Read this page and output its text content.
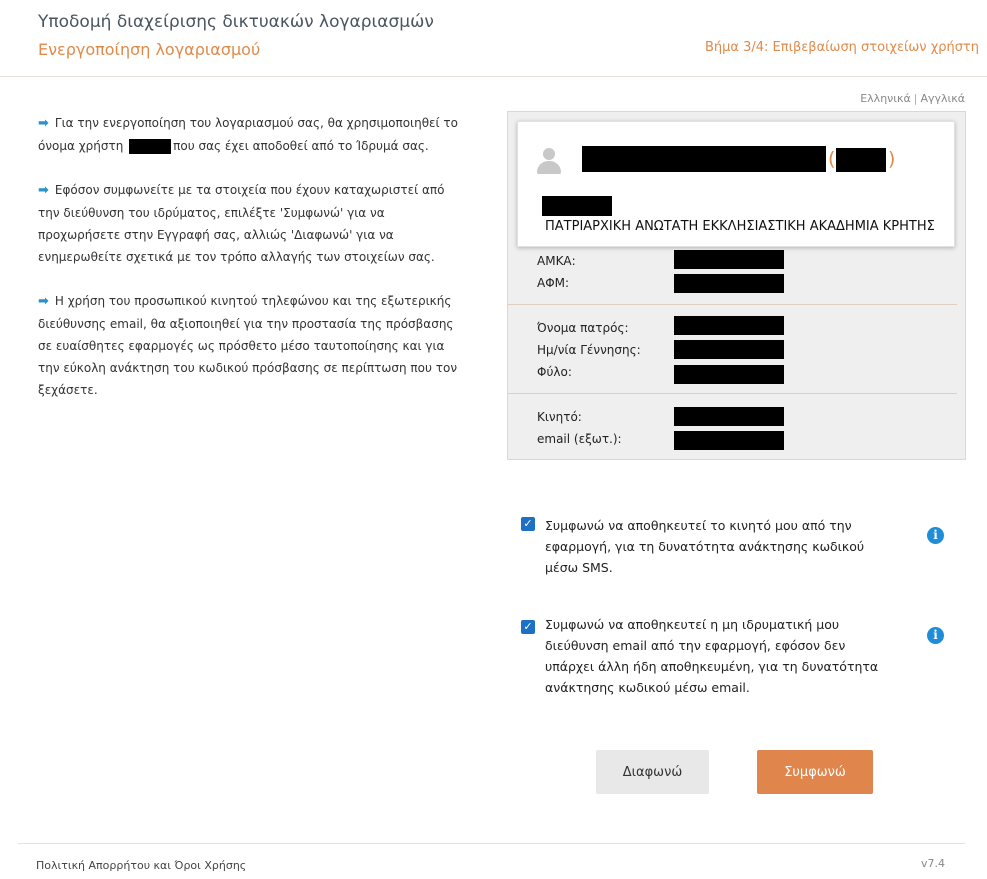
Υποδομή διαχείρισης δικτυακών λογαριασμών
Ενεργοποίηση λογαριασμού	Βήμα 3/4: Επιβεβαίωση στοιχείων χρήστη
Ελληνικά | Αγγλικά

➡ Για την ενεργοποίηση του λογαριασμού σας, θα χρησιμοποιηθεί το όνομα χρήστη	που σας έχει αποδοθεί από το Ίδρυμά σας.

➡ Εφόσον συμφωνείτε με τα στοιχεία που έχουν καταχωριστεί από την διεύθυνση του ιδρύματος, επιλέξτε 'Συμφωνώ' για να προχωρήσετε στην Εγγραφή σας, αλλιώς 'Διαφωνώ' για να ενημερωθείτε σχετικά με τον τρόπο αλλαγής των στοιχείων σας.

➡ Η χρήση του προσωπικού κινητού τηλεφώνου και της εξωτερικής διεύθυνσης email, θα αξιοποιηθεί για την προστασία της πρόσβασης σε ευαίσθητες εφαρμογές ως πρόσθετο μέσο ταυτοποίησης και για την εύκολη ανάκτηση του κωδικού πρόσβασης σε περίπτωση που τον ξεχάσετε.

(	)
ΠΑΤΡΙΑΡΧΙΚΗ ΑΝΩΤΑΤΗ ΕΚΚΛΗΣΙΑΣΤΙΚΗ ΑΚΑΔΗΜΙΑ ΚΡΗΤΗΣ
ΑΜΚΑ:
ΑΦΜ:
Όνομα πατρός:
Ημ/νία Γέννησης:
Φύλο:
Κινητό:
email (εξωτ.):
✓ Συμφωνώ να αποθηκευτεί το κινητό μου από την εφαρμογή, για τη δυνατότητα ανάκτησης κωδικού μέσω SMS.
i
✓ Συμφωνώ να αποθηκευτεί η μη ιδρυματική μου διεύθυνση email από την εφαρμογή, εφόσον δεν υπάρχει άλλη ήδη αποθηκευμένη, για τη δυνατότητα ανάκτησης κωδικού μέσω email.
i
Διαφωνώ	Συμφωνώ
Πολιτική Απορρήτου και Όροι Χρήσης	v7.4
